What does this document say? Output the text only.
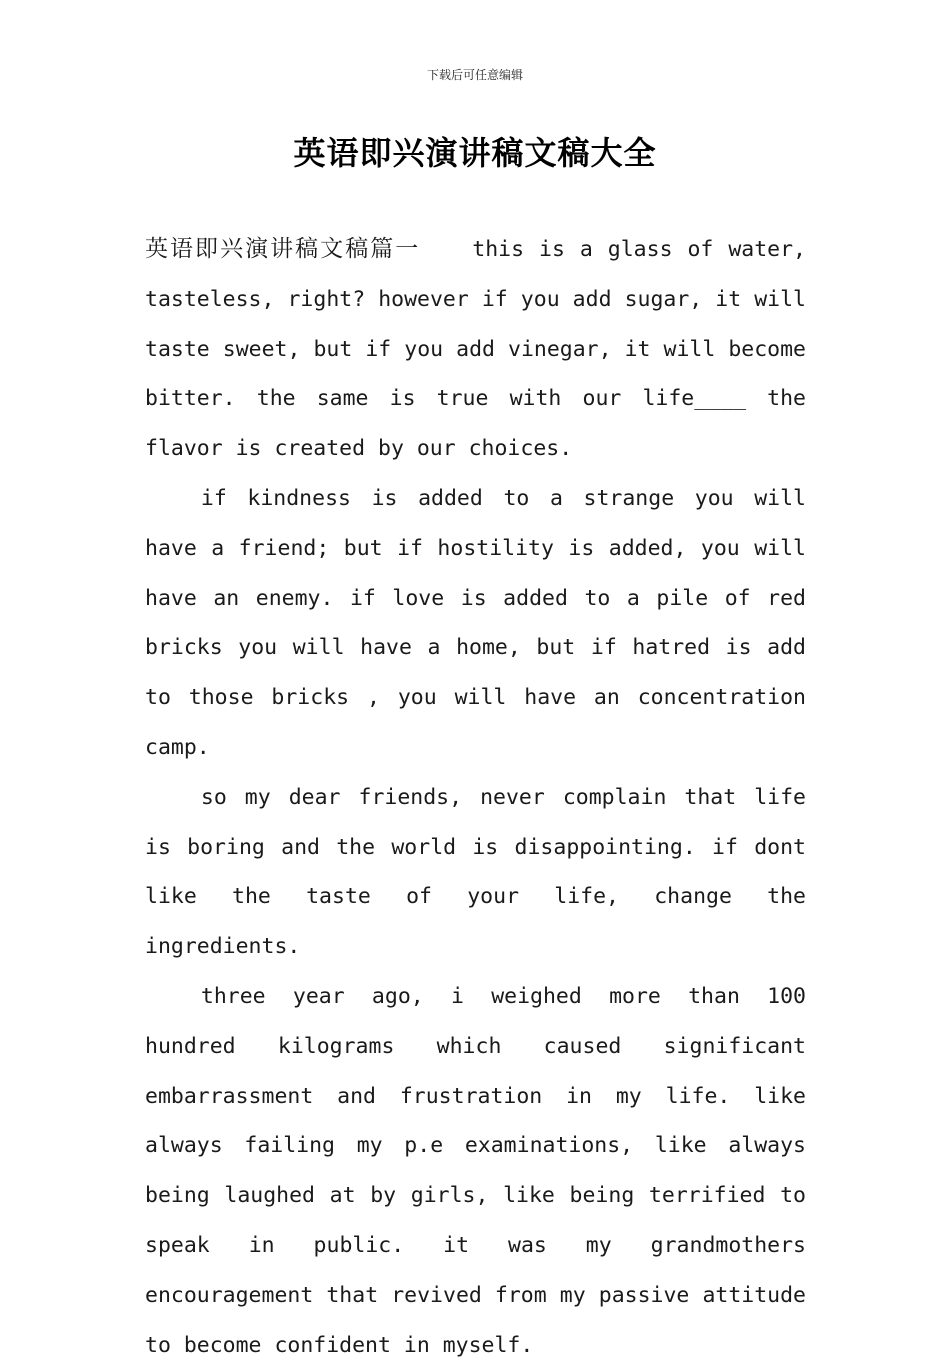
下载后可任意编辑
英语即兴演讲稿文稿大全

英语即兴演讲稿文稿篇一 this is a glass of water, tasteless, right? however if you add sugar, it will taste sweet, but if you add vinegar, it will become bitter. the same is true with our life____ the flavor is created by our choices.

if kindness is added to a strange you will have a friend; but if hostility is added, you will have an enemy. if love is added to a pile of red bricks you will have a home, but if hatred is add to those bricks , you will have an concentration camp.

so my dear friends, never complain that life is boring and the world is disappointing. if dont like the taste of your life, change the ingredients.

three year ago, i weighed more than 100 hundred kilograms which caused significant embarrassment and frustration in my life. like always failing my p.e examinations, like always being laughed at by girls, like being terrified to speak in public. it was my grandmothers encouragement that revived from my passive attitude to become confident in myself.
